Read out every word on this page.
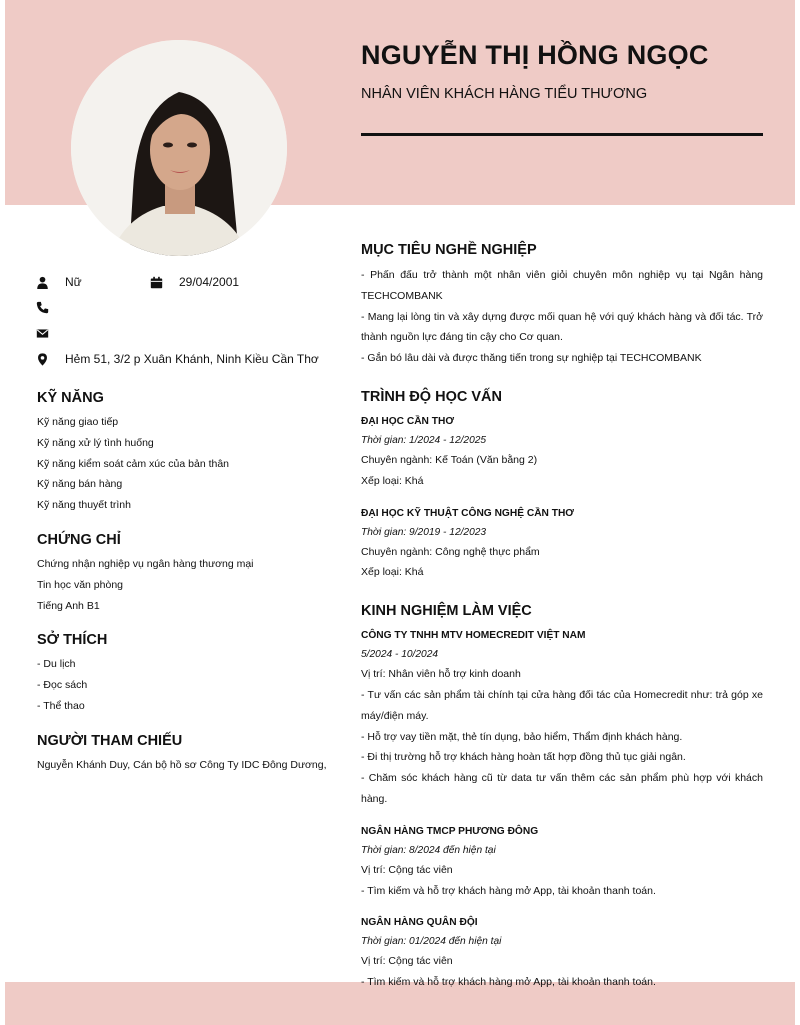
NGUYỄN THỊ HỒNG NGỌC

NHÂN VIÊN KHÁCH HÀNG TIỂU THƯƠNG

Nữ	29/04/2001
Hẻm 51, 3/2 p Xuân Khánh, Ninh Kiều Cần Thơ
KỸ NĂNG
Kỹ năng giao tiếp
Kỹ năng xử lý tình huống
Kỹ năng kiểm soát cảm xúc của bản thân
Kỹ năng bán hàng
Kỹ năng thuyết trình
CHỨNG CHỈ
Chứng nhận nghiệp vụ ngân hàng thương mại
Tin học văn phòng
Tiếng Anh B1
SỞ THÍCH
- Du lịch
- Đọc sách
- Thể thao
NGƯỜI THAM CHIẾU
Nguyễn Khánh Duy, Cán bộ hồ sơ Công Ty IDC Đông Dương,
MỤC TIÊU NGHỀ NGHIỆP
- Phấn đấu trở thành một nhân viên giỏi chuyên môn nghiệp vụ tại Ngân hàng TECHCOMBANK
- Mang lại lòng tin và xây dựng được mối quan hệ với quý khách hàng và đối tác. Trở thành nguồn lực đáng tin cậy cho Cơ quan.
- Gắn bó lâu dài và được thăng tiến trong sự nghiệp tại TECHCOMBANK
TRÌNH ĐỘ HỌC VẤN
ĐẠI HỌC CẦN THƠ
Thời gian: 1/2024 - 12/2025
Chuyên ngành: Kế Toán (Văn bằng 2)
Xếp loại: Khá
ĐẠI HỌC KỸ THUẬT CÔNG NGHỆ CẦN THƠ
Thời gian: 9/2019 - 12/2023
Chuyên ngành: Công nghệ thực phẩm
Xếp loại: Khá
KINH NGHIỆM LÀM VIỆC
CÔNG TY TNHH MTV HOMECREDIT VIỆT NAM
5/2024 - 10/2024
Vị trí: Nhân viên hỗ trợ kinh doanh
- Tư vấn các sản phẩm tài chính tại cửa hàng đối tác của Homecredit như: trả góp xe máy/điện máy.
- Hỗ trợ vay tiền mặt, thẻ tín dụng, bảo hiểm, Thẩm định khách hàng.
- Đi thị trường hỗ trợ khách hàng hoàn tất hợp đồng thủ tục giải ngân.
- Chăm sóc khách hàng cũ từ data tư vấn thêm các sản phẩm phù hợp với khách hàng.
NGÂN HÀNG TMCP PHƯƠNG ĐÔNG
Thời gian: 8/2024 đến hiện tại
Vị trí: Cộng tác viên
- Tìm kiếm và hỗ trợ khách hàng mở App, tài khoản thanh toán.
NGÂN HÀNG QUÂN ĐỘI
Thời gian: 01/2024 đến hiện tại
Vị trí: Cộng tác viên
- Tìm kiếm và hỗ trợ khách hàng mở App, tài khoản thanh toán.
